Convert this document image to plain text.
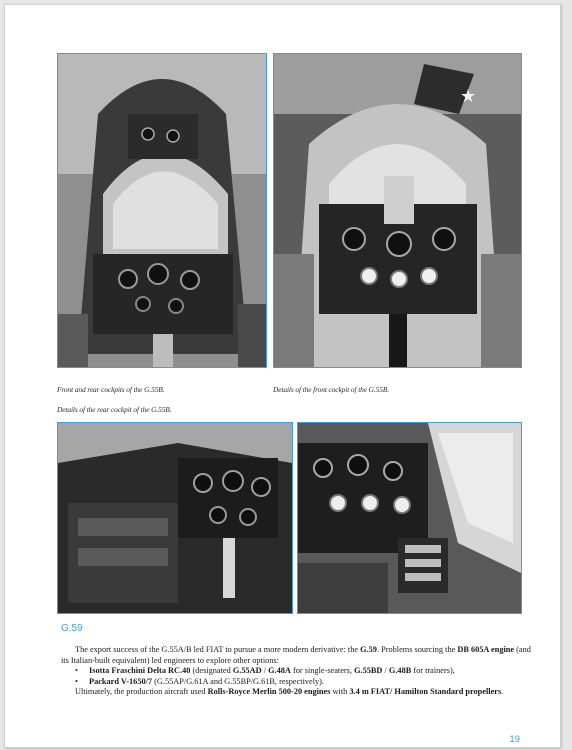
★
Front and rear cockpits of the G.55B.	Details of the front cockpit of the G.55B.
Details of the rear cockpit of the G.55B.
G.59

The export success of the G.55A/B led FIAT to pursue a more modern derivative: the G.59. Problems sourcing the DB 605A engine (and its Italian-built equivalent) led engineers to explore other options:

• Isotta Fraschini Delta RC.40 (designated G.55AD / G.48A for single-seaters, G.55BD / G.48B for trainers),
• Packard V-1650/7 (G.55AP/G.61A and G.55BP/G.61B, respectively).

Ultimately, the production aircraft used Rolls-Royce Merlin 500-20 engines with 3.4 m FIAT/ Hamilton Standard propellers.

19
